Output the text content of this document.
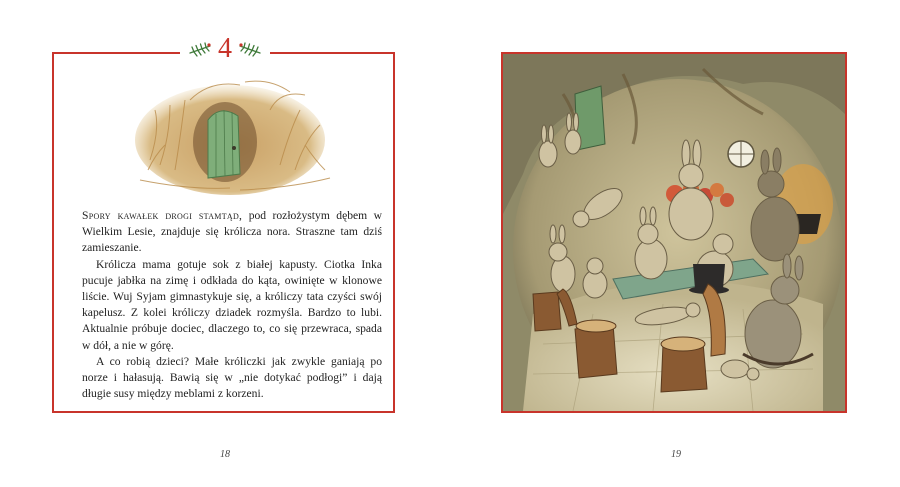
4

Spory kawałek drogi stamtąd, pod rozłożystym dębem w Wielkim Lesie, znajduje się królicza nora. Straszne tam dziś zamieszanie.

Królicza mama gotuje sok z białej kapusty. Ciotka Inka pucuje jabłka na zimę i odkłada do kąta, owinięte w klonowe liście. Wuj Syjam gimnastykuje się, a króliczy tata czyści swój kapelusz. Z kolei króliczy dziadek rozmyśla. Bardzo to lubi. Aktualnie próbuje dociec, dlaczego to, co się przewraca, spada w dół, a nie w górę.

A co robią dzieci? Małe króliczki jak zwykle ganiają po norze i hałasują. Bawią się w „nie dotykać podłogi” i dają długie susy między meblami z korzeni.

18	19
